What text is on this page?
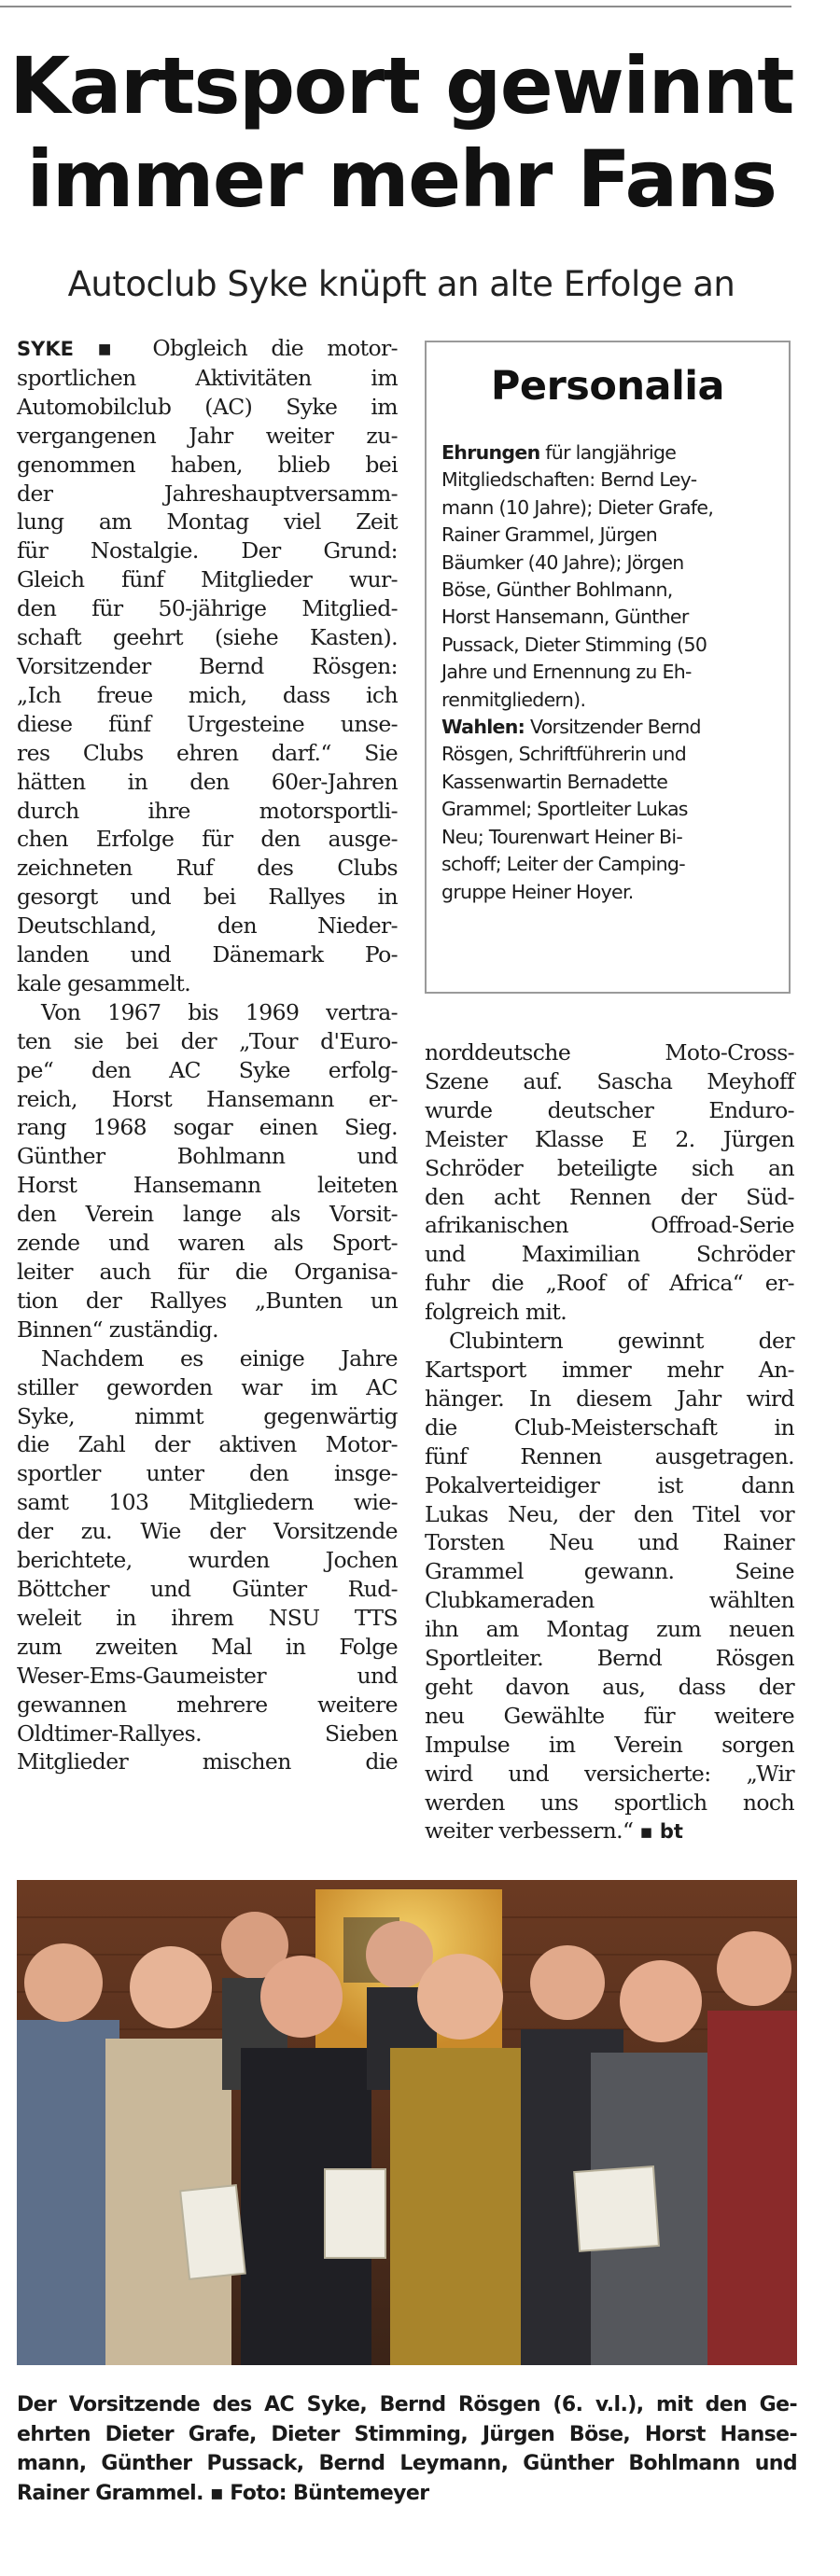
Kartsport gewinnt
immer mehr Fans
Autoclub Syke knüpft an alte Erfolge an
SYKE ▪ Obgleich die motor-
sportlichen Aktivitäten im
Automobilclub (AC) Syke im
vergangenen Jahr weiter zu-
genommen haben, blieb bei
der Jahreshauptversamm-
lung am Montag viel Zeit
für Nostalgie. Der Grund:
Gleich fünf Mitglieder wur-
den für 50-jährige Mitglied-
schaft geehrt (siehe Kasten).
Vorsitzender Bernd Rösgen:
„Ich freue mich, dass ich
diese fünf Urgesteine unse-
res Clubs ehren darf.“ Sie
hätten in den 60er-Jahren
durch ihre motorsportli-
chen Erfolge für den ausge-
zeichneten Ruf des Clubs
gesorgt und bei Rallyes in
Deutschland, den Nieder-
landen und Dänemark Po-
kale gesammelt.
Von 1967 bis 1969 vertra-
ten sie bei der „Tour d'Euro-
pe“ den AC Syke erfolg-
reich, Horst Hansemann er-
rang 1968 sogar einen Sieg.
Günther Bohlmann und
Horst Hansemann leiteten
den Verein lange als Vorsit-
zende und waren als Sport-
leiter auch für die Organisa-
tion der Rallyes „Bunten un
Binnen“ zuständig.
Nachdem es einige Jahre
stiller geworden war im AC
Syke, nimmt gegenwärtig
die Zahl der aktiven Motor-
sportler unter den insge-
samt 103 Mitgliedern wie-
der zu. Wie der Vorsitzende
berichtete, wurden Jochen
Böttcher und Günter Rud-
weleit in ihrem NSU TTS
zum zweiten Mal in Folge
Weser-Ems-Gaumeister und
gewannen mehrere weitere
Oldtimer-Rallyes. Sieben
Mitglieder mischen die
Personalia
Ehrungen für langjährige
Mitgliedschaften: Bernd Ley-
mann (10 Jahre); Dieter Grafe,
Rainer Grammel, Jürgen
Bäumker (40 Jahre); Jörgen
Böse, Günther Bohlmann,
Horst Hansemann, Günther
Pussack, Dieter Stimming (50
Jahre und Ernennung zu Eh-
renmitgliedern).
Wahlen: Vorsitzender Bernd
Rösgen, Schriftführerin und
Kassenwartin Bernadette
Grammel; Sportleiter Lukas
Neu; Tourenwart Heiner Bi-
schoff; Leiter der Camping-
gruppe Heiner Hoyer.
norddeutsche Moto-Cross-
Szene auf. Sascha Meyhoff
wurde deutscher Enduro-
Meister Klasse E 2. Jürgen
Schröder beteiligte sich an
den acht Rennen der Süd-
afrikanischen Offroad-Serie
und Maximilian Schröder
fuhr die „Roof of Africa“ er-
folgreich mit.
Clubintern gewinnt der
Kartsport immer mehr An-
hänger. In diesem Jahr wird
die Club-Meisterschaft in
fünf Rennen ausgetragen.
Pokalverteidiger ist dann
Lukas Neu, der den Titel vor
Torsten Neu und Rainer
Grammel gewann. Seine
Clubkameraden wählten
ihn am Montag zum neuen
Sportleiter. Bernd Rösgen
geht davon aus, dass der
neu Gewählte für weitere
Impulse im Verein sorgen
wird und versicherte: „Wir
werden uns sportlich noch
weiter verbessern.“ ▪ bt
Der Vorsitzende des AC Syke, Bernd Rösgen (6. v.l.), mit den Ge-
ehrten Dieter Grafe, Dieter Stimming, Jürgen Böse, Horst Hanse-
mann, Günther Pussack, Bernd Leymann, Günther Bohlmann und
Rainer Grammel. ▪ Foto: Büntemeyer
